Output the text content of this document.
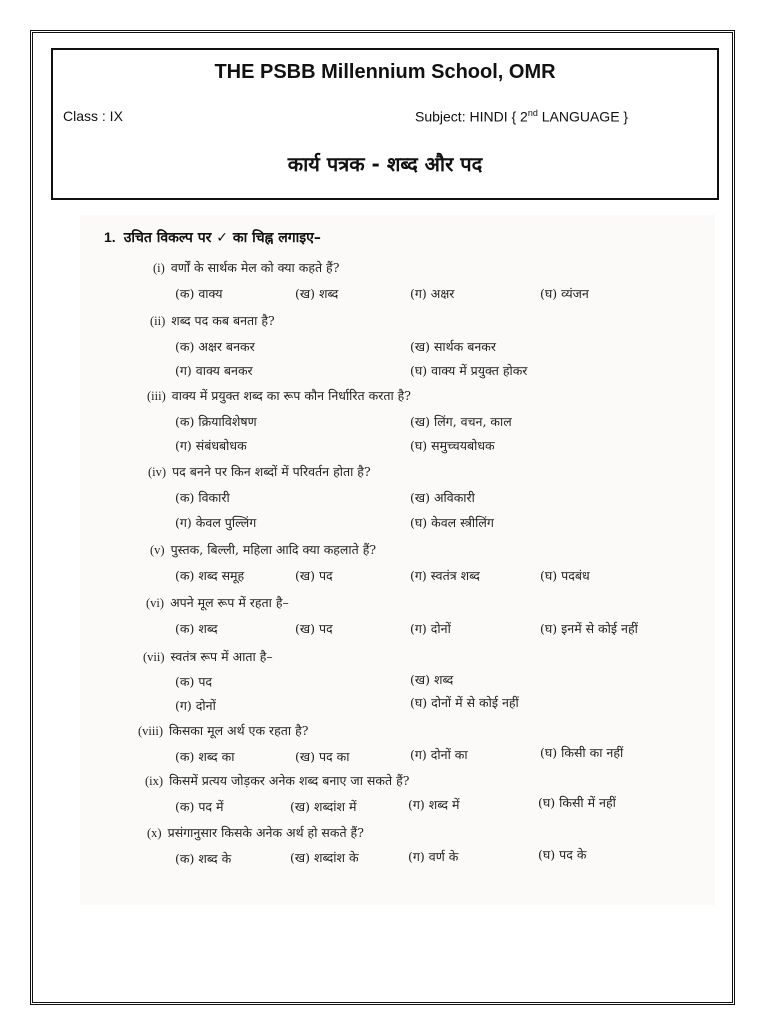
THE PSBB Millennium School, OMR
Class : IX	Subject: HINDI { 2nd LANGUAGE }
कार्य पत्रक - शब्द और पद
1. उचित विकल्प पर ✓ का चिह्न लगाइए–
(i) वर्णों के सार्थक मेल को क्या कहते हैं?
(क) वाक्य	(ख) शब्द	(ग) अक्षर	(घ) व्यंजन
(ii) शब्द पद कब बनता है?
(क) अक्षर बनकर	(ख) सार्थक बनकर
(ग) वाक्य बनकर	(घ) वाक्य में प्रयुक्त होकर
(iii) वाक्य में प्रयुक्त शब्द का रूप कौन निर्धारित करता है?
(क) क्रियाविशेषण	(ख) लिंग, वचन, काल
(ग) संबंधबोधक	(घ) समुच्चयबोधक
(iv) पद बनने पर किन शब्दों में परिवर्तन होता है?
(क) विकारी	(ख) अविकारी
(ग) केवल पुल्लिंग	(घ) केवल स्त्रीलिंग
(v) पुस्तक, बिल्ली, महिला आदि क्या कहलाते हैं?
(क) शब्द समूह	(ख) पद	(ग) स्वतंत्र शब्द	(घ) पदबंध
(vi) अपने मूल रूप में रहता है–
(क) शब्द	(ख) पद	(ग) दोनों	(घ) इनमें से कोई नहीं
(vii) स्वतंत्र रूप में आता है–
(क) पद	(ख) शब्द
(ग) दोनों	(घ) दोनों में से कोई नहीं
(viii) किसका मूल अर्थ एक रहता है?
(क) शब्द का	(ख) पद का	(ग) दोनों का	(घ) किसी का नहीं
(ix) किसमें प्रत्यय जोड़कर अनेक शब्द बनाए जा सकते हैं?
(क) पद में	(ख) शब्दांश में	(ग) शब्द में	(घ) किसी में नहीं
(x) प्रसंगानुसार किसके अनेक अर्थ हो सकते हैं?
(क) शब्द के	(ख) शब्दांश के	(ग) वर्ण के	(घ) पद के
